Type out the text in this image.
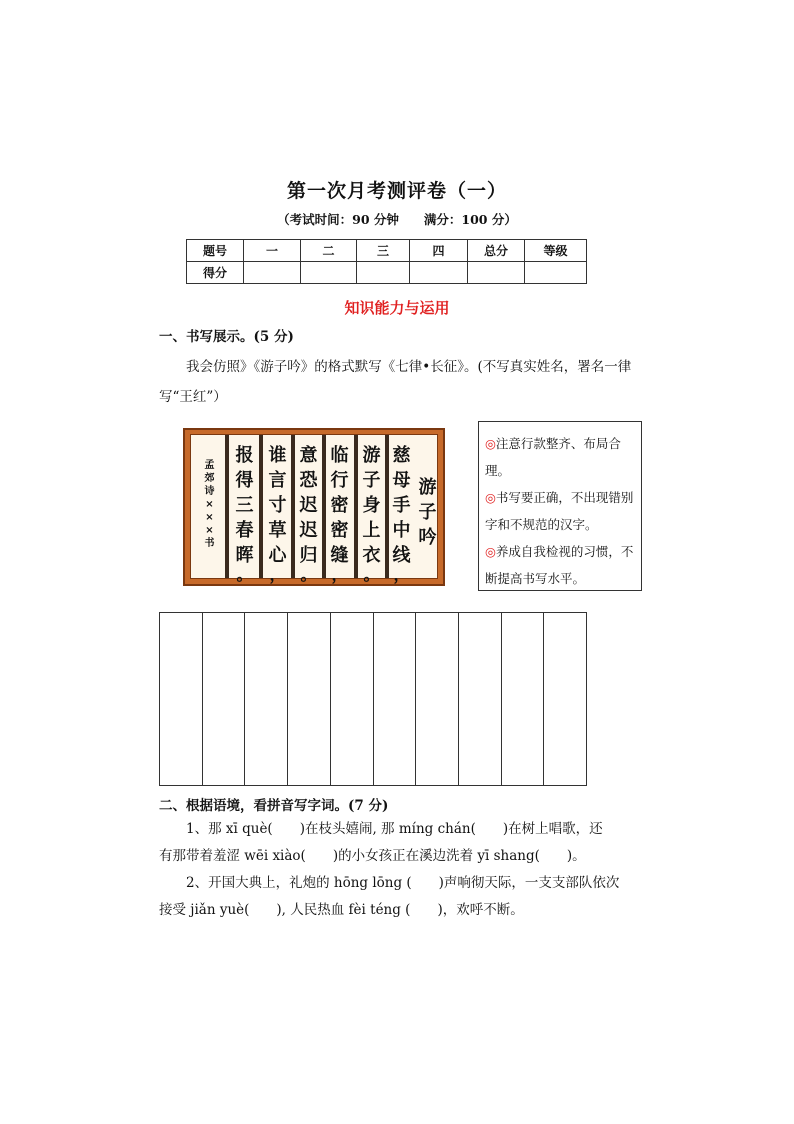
第一次月考测评卷（一）
（考试时间：90 分钟　　满分：100 分）
题号	一	二	三	四	总分	等级
得分						
知识能力与运用
一、书写展示。(5 分)
我会仿照》《游子吟》的格式默写《七律•长征》。(不写真实姓名，署名一律
写“王红”）
孟
郊
诗
×
×
×
书
报
得
三
春
晖
。
谁
言
寸
草
心
，
意
恐
迟
迟
归
。
临
行
密
密
缝
，
游
子
身
上
衣
。
慈
母
手
中
线
，
游
子
吟
◎注意行款整齐、布局合理。
◎书写要正确，不出现错别字和不规范的汉字。
◎养成自我检视的习惯，不断提高书写水平。
二、根据语境，看拼音写字词。(7 分)
1、那 xī què(　　)在枝头嬉闹, 那 míng chán(　　)在树上唱歌，还
有那带着羞涩 wēi xiào(　　)的小女孩正在溪边洗着 yī shang(　　)。
2、开国大典上，礼炮的 hōng lōng (　　)声响彻天际，一支支部队依次
接受 jiǎn yuè(　　), 人民热血 fèi téng (　　)，欢呼不断。
